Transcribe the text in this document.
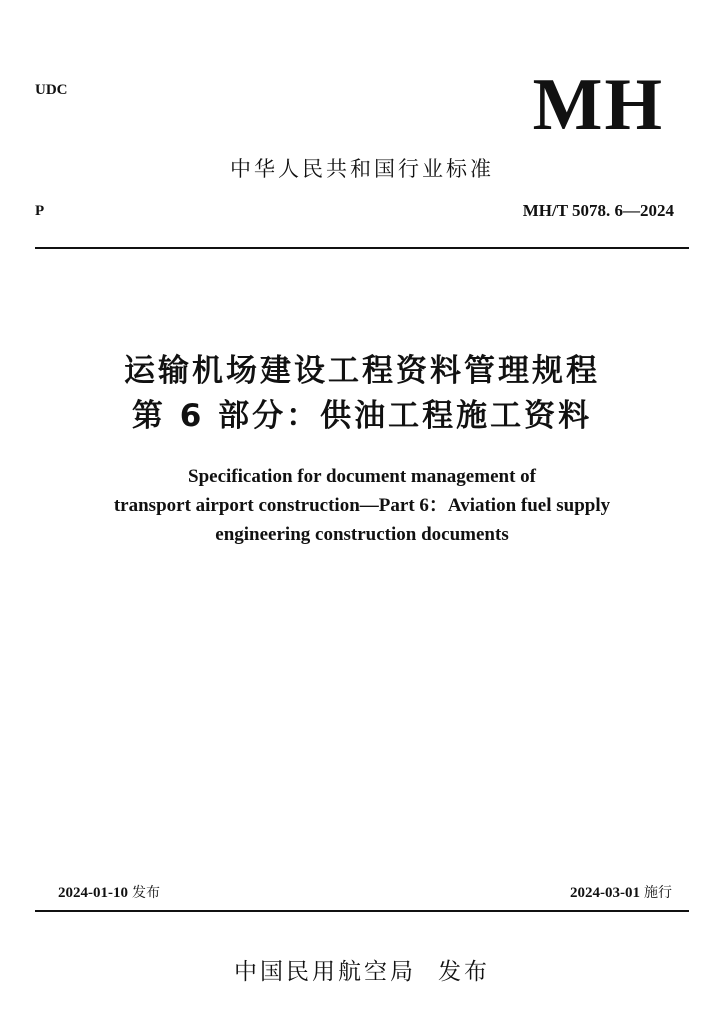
UDC	MH
中华人民共和国行业标准
P	MH/T 5078. 6—2024
运输机场建设工程资料管理规程
第 6 部分：供油工程施工资料
Specification for document management of
transport airport construction—Part 6：Aviation fuel supply
engineering construction documents
2024-01-10 发布	2024-03-01 施行
中国民用航空局 发布
